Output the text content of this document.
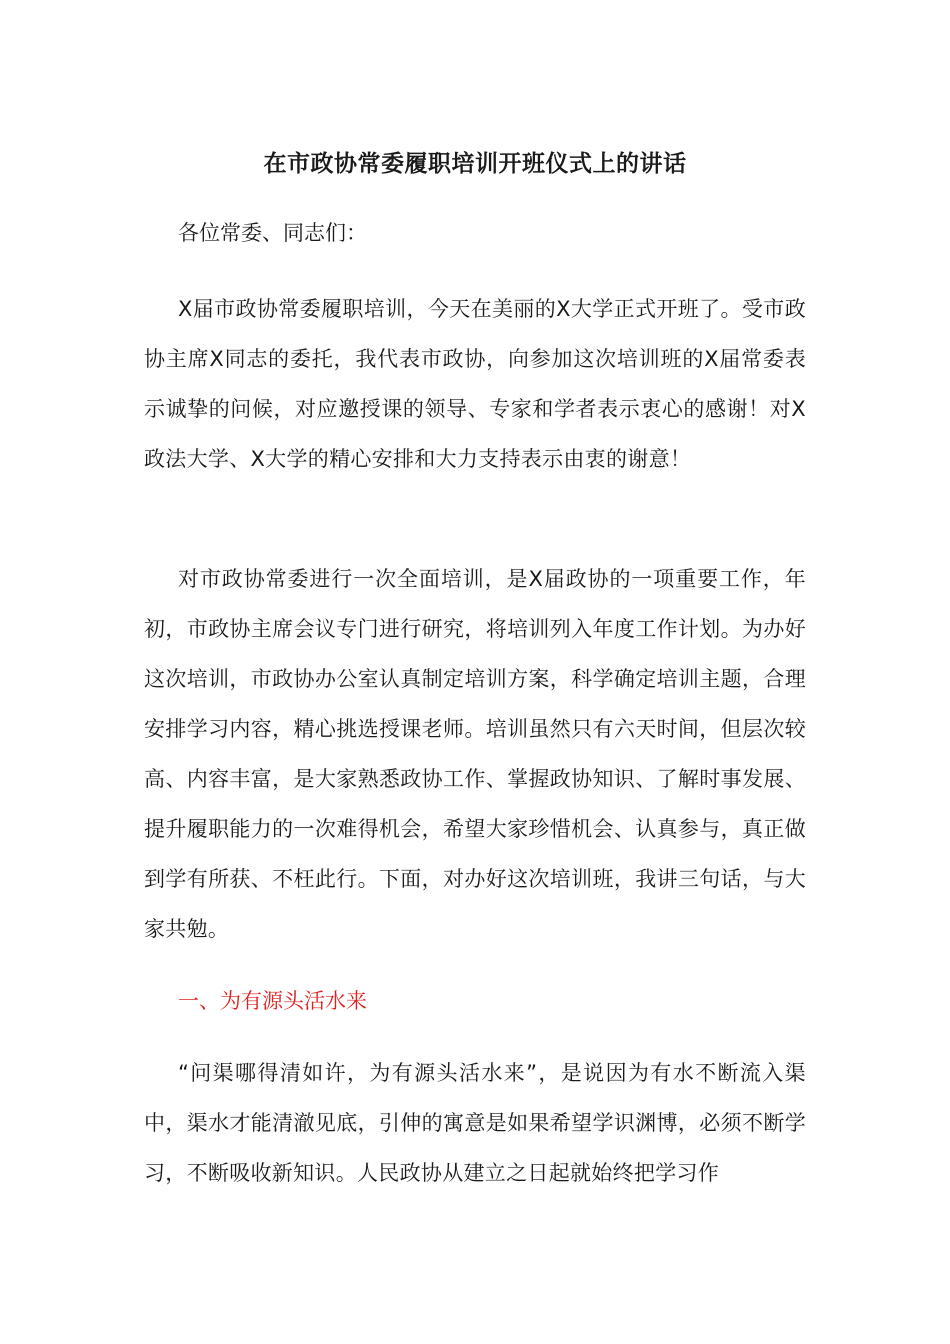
在市政协常委履职培训开班仪式上的讲话
各位常委、同志们：
X届市政协常委履职培训，今天在美丽的X大学正式开班了。受市政协主席X同志的委托，我代表市政协，向参加这次培训班的X届常委表示诚挚的问候，对应邀授课的领导、专家和学者表示衷心的感谢！对X政法大学、X大学的精心安排和大力支持表示由衷的谢意！
对市政协常委进行一次全面培训，是X届政协的一项重要工作，年初，市政协主席会议专门进行研究，将培训列入年度工作计划。为办好这次培训，市政协办公室认真制定培训方案，科学确定培训主题，合理安排学习内容，精心挑选授课老师。培训虽然只有六天时间，但层次较高、内容丰富，是大家熟悉政协工作、掌握政协知识、了解时事发展、提升履职能力的一次难得机会，希望大家珍惜机会、认真参与，真正做到学有所获、不枉此行。下面，对办好这次培训班，我讲三句话，与大家共勉。
一、为有源头活水来
“问渠哪得清如许，为有源头活水来”，是说因为有水不断流入渠中，渠水才能清澈见底，引伸的寓意是如果希望学识渊博，必须不断学习，不断吸收新知识。人民政协从建立之日起就始终把学习作
